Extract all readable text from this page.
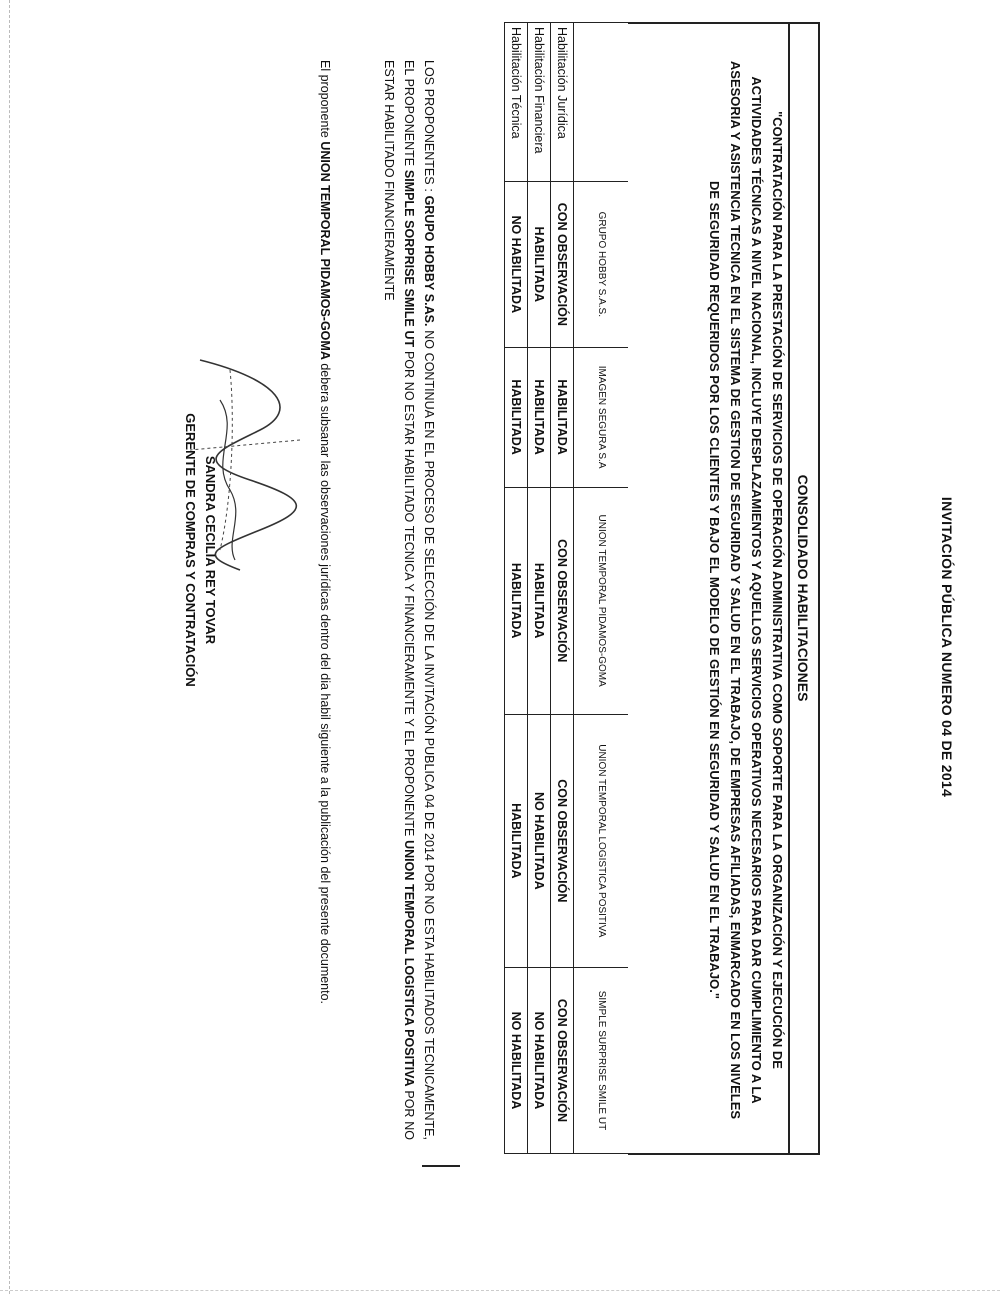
INVITACIÓN PÚBLICA NUMERO 04 DE 2014
CONSOLIDADO HABILITACIONES
"CONTRATACIÓN PARA LA PRESTACIÓN DE SERVICIOS DE OPERACIÓN ADMINISTRATIVA COMO SOPORTE PARA LA ORGANIZACIÓN Y EJECUCIÓN DE
ACTIVIDADES TÉCNICAS A NIVEL NACIONAL, INCLUYE DESPLAZAMIENTOS Y AQUELLOS SERVICIOS OPERATIVOS NECESARIOS PARA DAR CUMPLIMIENTO A LA
ASESORIA Y ASISTENCIA TECNICA EN EL SISTEMA DE GESTION DE SEGURIDAD Y SALUD EN EL TRABAJO, DE EMPRESAS AFILIADAS, ENMARCADO EN LOS NIVELES
DE SEGURIDAD REQUERIDOS POR LOS CLIENTES Y BAJO EL MODELO DE GESTIÓN EN SEGURIDAD Y SALUD EN EL TRABAJO."
	GRUPO HOBBY S.A.S.	IMAGEN SEGURA S.A	UNION TEMPORAL PIDAMOS-GOMA	UNION TEMPORAL LOGISTICA POSITIVA	SIMPLE SURPRISE SMILE UT
Habilitación Jurídica	CON OBSERVACIÓN	HABILITADA	CON OBSERVACIÓN	CON OBSERVACIÓN	CON OBSERVACIÓN
Habilitación Financiera	HABILITADA	HABILITADA	HABILITADA	NO HABILITADA	NO HABILITADA
Habilitación Técnica	NO HABILITADA	HABILITADA	HABILITADA	HABILITADA	NO HABILITADA
LOS PROPONENTES : GRUPO HOBBY S.AS. NO CONTINUA EN EL PROCESO DE SELECCIÓN DE LA INVITACIÓN PUBLICA 04 DE 2014 POR NO ESTA HABILITADOS TECNICAMENTE, EL PROPONENTE SIMPLE SORPRISE SMILE UT POR NO ESTAR HABILITADO TECNICA Y FINANCIERAMENTE Y EL PROPONENTE UNION TEMPORAL LOGISTICA POSITIVA POR NO ESTAR HABILITADO FINANCIERAMENTE
El proponente UNION TEMPORAL PIDAMOS-GOMA debera subsanar las observaciones jurídicas dentro del dia habil siguiente a la publicación del presente documento.
SANDRA CECILIA REY TOVAR
GERENTE DE COMPRAS Y CONTRATACIÓN
